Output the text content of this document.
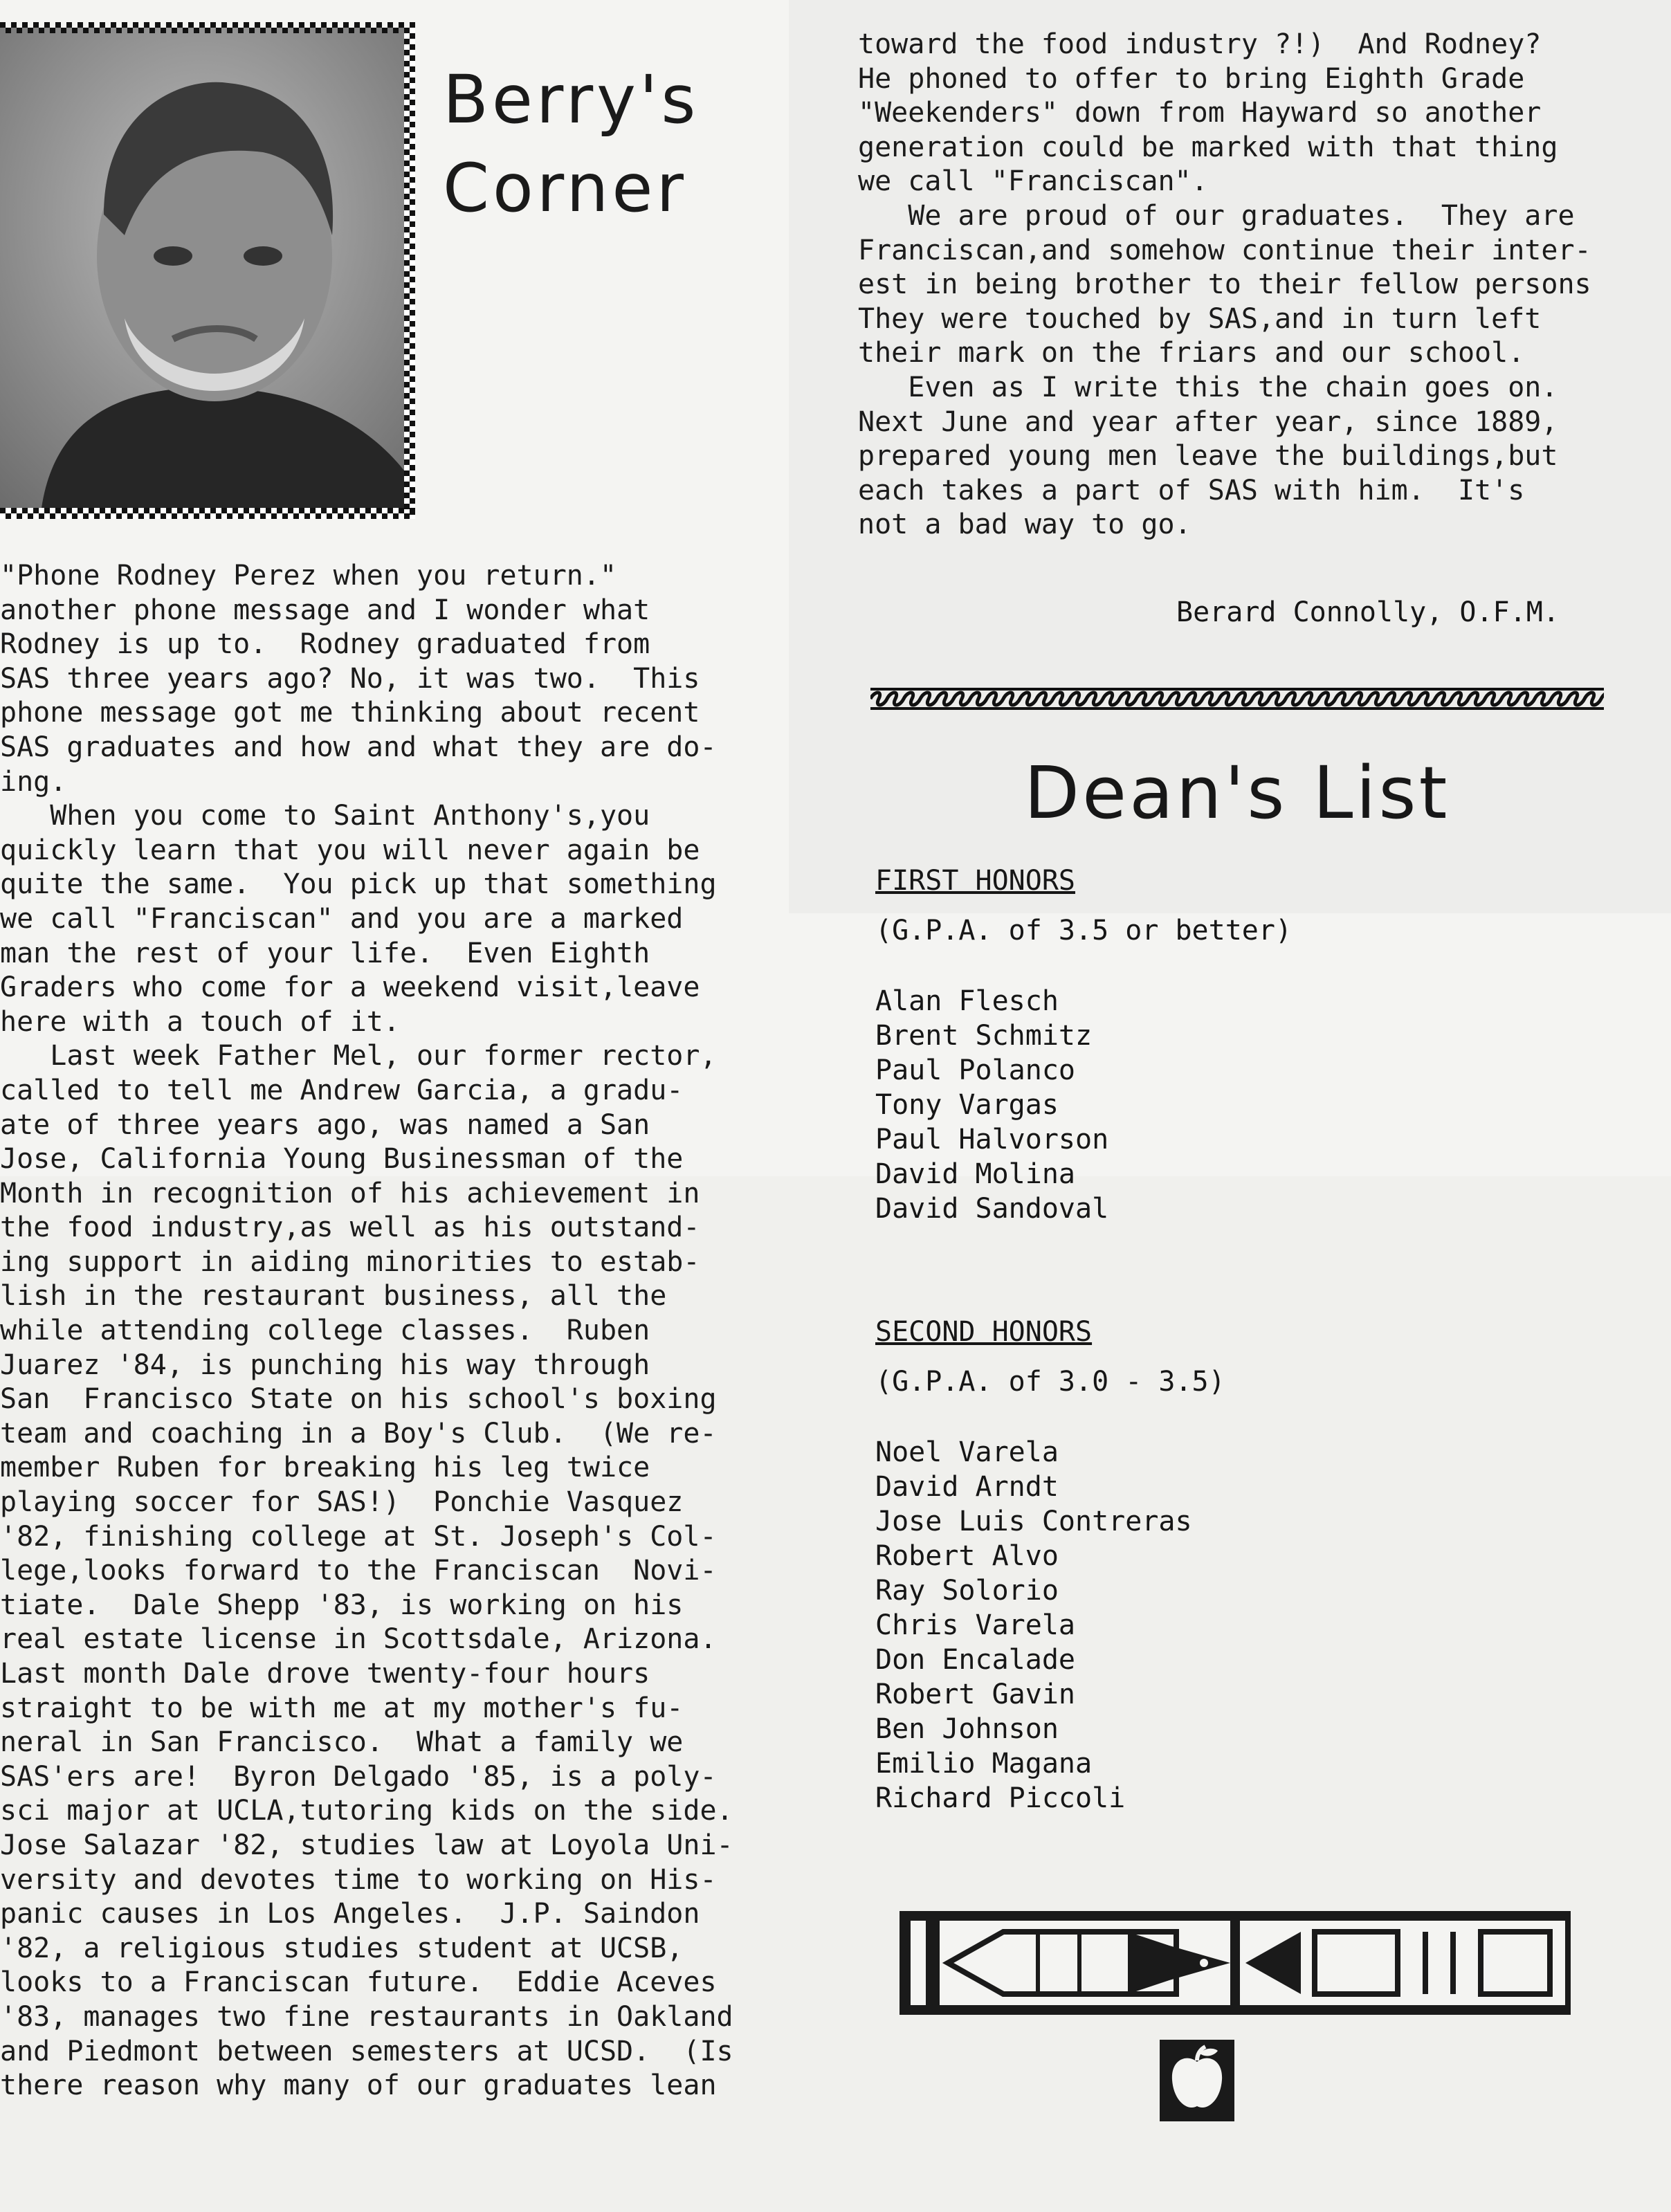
Berry's
Corner

"Phone Rodney Perez when you return."

another phone message and I wonder what

Rodney is up to.  Rodney graduated from

SAS three years ago? No, it was two.  This

phone message got me thinking about recent

SAS graduates and how and what they are do-

ing.

When you come to Saint Anthony's,you

quickly learn that you will never again be

quite the same.  You pick up that something

we call "Franciscan" and you are a marked

man the rest of your life.  Even Eighth

Graders who come for a weekend visit,leave

here with a touch of it.

Last week Father Mel, our former rector,

called to tell me Andrew Garcia, a gradu-

ate of three years ago, was named a San

Jose, California Young Businessman of the

Month in recognition of his achievement in

the food industry,as well as his outstand-

ing support in aiding minorities to estab-

lish in the restaurant business, all the

while attending college classes.  Ruben

Juarez '84, is punching his way through

San  Francisco State on his school's boxing

team and coaching in a Boy's Club.  (We re-

member Ruben for breaking his leg twice

playing soccer for SAS!)  Ponchie Vasquez

'82, finishing college at St. Joseph's Col-

lege,looks forward to the Franciscan  Novi-

tiate.  Dale Shepp '83, is working on his

real estate license in Scottsdale, Arizona.

Last month Dale drove twenty-four hours

straight to be with me at my mother's fu-

neral in San Francisco.  What a family we

SAS'ers are!  Byron Delgado '85, is a poly-

sci major at UCLA,tutoring kids on the side.

Jose Salazar '82, studies law at Loyola Uni-

versity and devotes time to working on His-

panic causes in Los Angeles.  J.P. Saindon

'82, a religious studies student at UCSB,

looks to a Franciscan future.  Eddie Aceves

'83, manages two fine restaurants in Oakland

and Piedmont between semesters at UCSD.  (Is

there reason why many of our graduates lean

toward the food industry ?!)  And Rodney?

He phoned to offer to bring Eighth Grade

"Weekenders" down from Hayward so another

generation could be marked with that thing

we call "Franciscan".

We are proud of our graduates.  They are

Franciscan,and somehow continue their inter-

est in being brother to their fellow persons

They were touched by SAS,and in turn left

their mark on the friars and our school.

Even as I write this the chain goes on.

Next June and year after year, since 1889,

prepared young men leave the buildings,but

each takes a part of SAS with him.  It's

not a bad way to go.

Berard Connolly, O.F.M.
Dean's List
FIRST HONORS
(G.P.A. of 3.5 or better)
Alan Flesch
Brent Schmitz
Paul Polanco
Tony Vargas
Paul Halvorson
David Molina
David Sandoval
SECOND HONORS
(G.P.A. of 3.0 - 3.5)
Noel Varela
David Arndt
Jose Luis Contreras
Robert Alvo
Ray Solorio
Chris Varela
Don Encalade
Robert Gavin
Ben Johnson
Emilio Magana
Richard Piccoli
